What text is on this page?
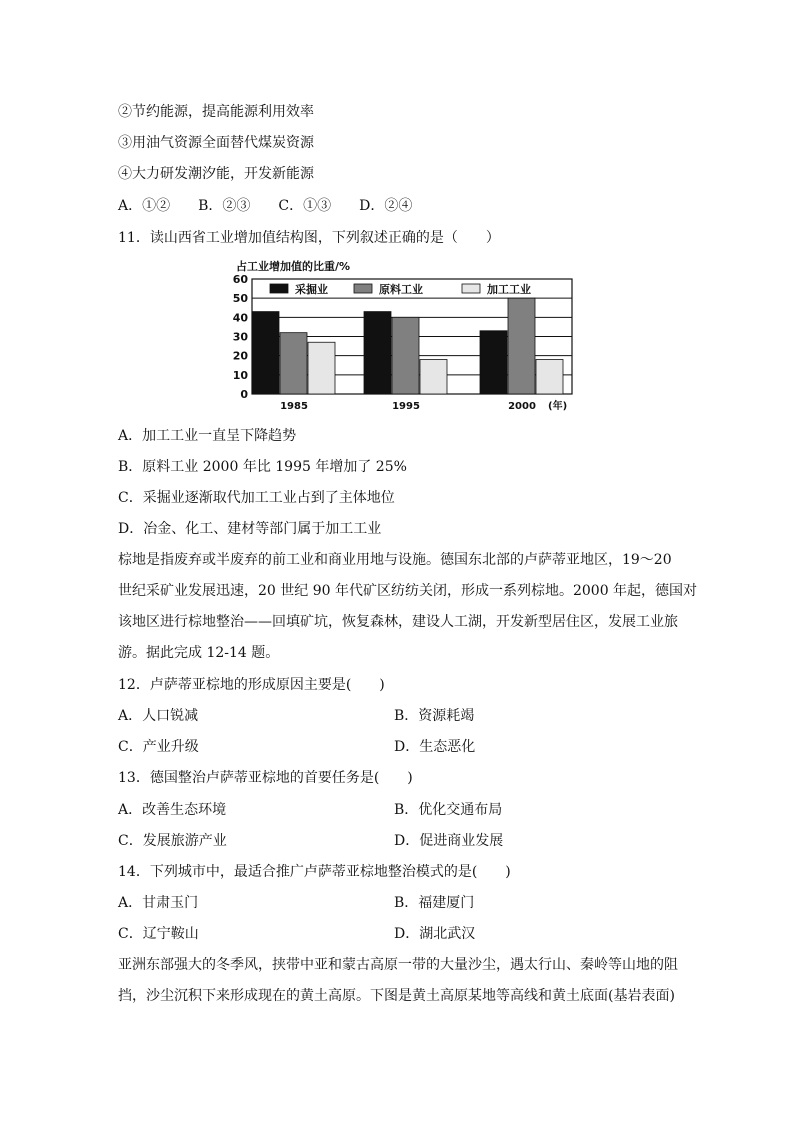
②节约能源，提高能源利用效率
③用油气资源全面替代煤炭资源
④大力研发潮汐能，开发新能源
A．①②　　B．②③　　C．①③　　D．②④
11．读山西省工业增加值结构图，下列叙述正确的是（　　）
占工业增加值的比重/%
0
10
20
30
40
50
60
采掘业	原料工业	加工工业
1985	1995	2000 (年)
A．加工工业一直呈下降趋势
B．原料工业 2000 年比 1995 年增加了 25%
C．采掘业逐渐取代加工工业占到了主体地位
D．冶金、化工、建材等部门属于加工工业
棕地是指废弃或半废弃的前工业和商业用地与设施。德国东北部的卢萨蒂亚地区，19～20
世纪采矿业发展迅速，20 世纪 90 年代矿区纺纺关闭，形成一系列棕地。2000 年起，德国对
该地区进行棕地整治——回填矿坑，恢复森林，建设人工湖，开发新型居住区，发展工业旅
游。据此完成 12-14 题。
12．卢萨蒂亚棕地的形成原因主要是(　　)
A．人口锐减	B．资源耗竭
C．产业升级	D．生态恶化
13．德国整治卢萨蒂亚棕地的首要任务是(　　)
A．改善生态环境	B．优化交通布局
C．发展旅游产业	D．促进商业发展
14．下列城市中，最适合推广卢萨蒂亚棕地整治模式的是(　　)
A．甘肃玉门	B．福建厦门
C．辽宁鞍山	D．湖北武汉
亚洲东部强大的冬季风，挟带中亚和蒙古高原一带的大量沙尘，遇太行山、秦岭等山地的阻
挡，沙尘沉积下来形成现在的黄土高原。下图是黄土高原某地等高线和黄土底面(基岩表面)
